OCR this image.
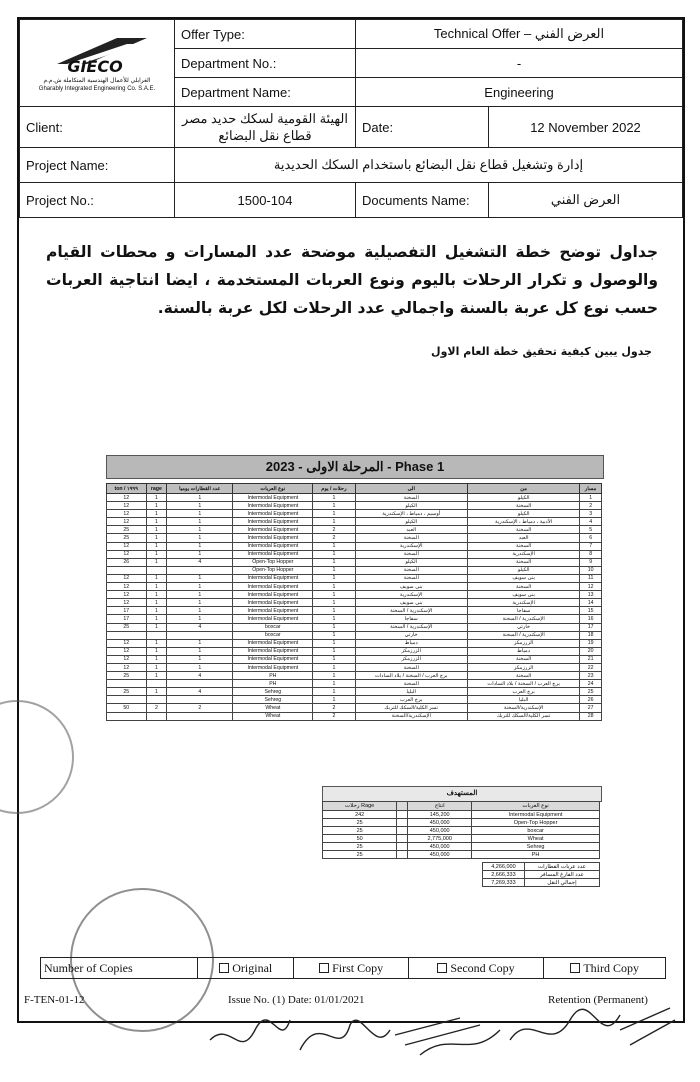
GIECO
الغرابلي للأعمال الهندسية المتكاملة ش.م.م
Gharably Integrated Engineering Co. S.A.E.	Offer Type:	Technical Offer – العرض الفني	
	Department No.:	-	
	Department Name:	Engineering	
Client:	الهيئة القومية لسكك حديد مصر
قطاع نقل البضائع	Date:	12 November 2022
Project Name:	إدارة وتشغيل قطاع نقل البضائع باستخدام السكك الحديدية		
Project No.:	1500-104	Documents Name:	العرض الفني
جداول توضح خطة التشغيل التفصيلية موضحة عدد المسارات و محطات القيام والوصول و تكرار الرحلات باليوم ونوع العربات المستخدمة ، ايضا انتاجية العربات حسب نوع كل عربة بالسنة واجمالي عدد الرحلات لكل عربة بالسنة.
جدول يبين كيفية تحقيق خطة العام الاول
المرحلة الاولى - 2023 - Phase 1
ton / ١٩٩٩	rage	عدد القطارات يوميا	نوع العربات	رحلات / يوم	الى	من	مسار
12	1	1	Intermodal Equipment	1	السخنة	الكيلو	1
12	1	1	Intermodal Equipment	1	الكيلو	السخنة	2
12	1	1	Intermodal Equipment	1	أوسيم ، دمياط ، الإسكندرية	الكيلو	3
12	1	1	Intermodal Equipment	1	الكيلو	الأدبية ، دمياط ، الإسكندرية	4
25	1	1	Intermodal Equipment	2	العبد	السخنة	5
25	1	1	Intermodal Equipment	2	السخنة	العبد	6
12	1	1	Intermodal Equipment	1	الإسكندرية	السخنة	7
12	1	1	Intermodal Equipment	1	السخنة	الإسكندرية	8
26	1	4	Open-Top Hopper	1	الكيلو	السخنة	9
			Open-Top Hopper	1	السخنة	الكيلو	10
12	1	1	Intermodal Equipment	1	السخنة	بنى سويف	11
12	1	1	Intermodal Equipment	1	بنى سويف	السخنة	12
12	1	1	Intermodal Equipment	1	الإسكندرية	بنى سويف	13
12	1	1	Intermodal Equipment	1	بنى سويف	الإسكندرية	14
17	1	1	Intermodal Equipment	1	الإسكندرية / السخنة	سفاجا	15
17	1	1	Intermodal Equipment	1	سفاجا	الإسكندرية / السخنة	16
25	1	4	boxcar	1	الإسكندرية / السخنة	خارتي	17
			boxcar	1	خارتي	الإسكندرية / السخنة	18
12	1	1	Intermodal Equipment	1	دمياط	الزرزمكز	19
12	1	1	Intermodal Equipment	1	الزرزمكز	دمياط	20
12	1	1	Intermodal Equipment	1	الزرزمكز	السخنة	21
12	1	1	Intermodal Equipment	1	السخنة	الزرزمكز	22
25	1	4	PH	1	برج العرب / السخنة / بلاد السادات	السخنة	23
			PH	1	السخنة	برج العرب / السخنة / بلاد السادات	24
25	1	4	Sehreg	1	البليا	برج العرب	25
			Sehreg	1	برج العرب	البليا	26
50	2	2	Wheat	2	تسر الكلية/السكك للتربك	الإسكندرية/السخنة	27
			Wheat	2	الإسكندرية/السخنة	تسر الكلية/السكك للتربك	28
المستهدف
رحلات Rage		انتاج	نوع العربات
242		145,200	Intermodal Equipment
25		450,000	Open-Top Hopper
25		450,000	boxcar
50		2,775,000	Wheat
25		450,000	Sehreg
25		450,000	PH
4,266,000	عدد عربات القطارات
2,666,333	عدد الفارغ المسافر
7,269,333	إجمالي النقل
Number of Copies	Original	First Copy	Second Copy	Third Copy
F-TEN-01-12	Issue No. (1) Date: 01/01/2021	Retention (Permanent)
